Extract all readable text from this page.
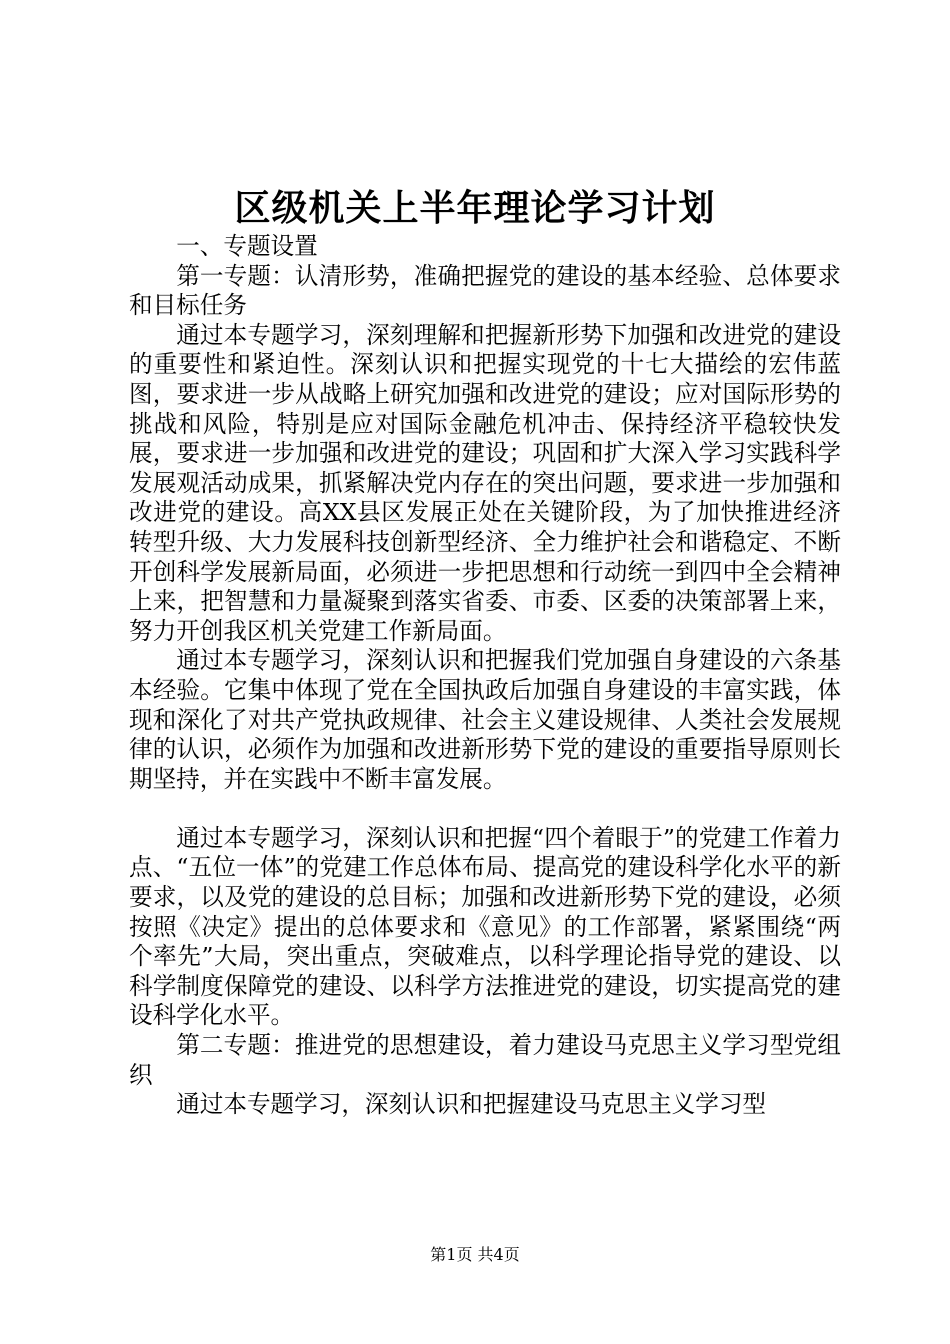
区级机关上半年理论学习计划

一、专题设置

第一专题：认清形势，准确把握党的建设的基本经验、总体要求和目标任务

通过本专题学习，深刻理解和把握新形势下加强和改进党的建设的重要性和紧迫性。深刻认识和把握实现党的十七大描绘的宏伟蓝图，要求进一步从战略上研究加强和改进党的建设；应对国际形势的挑战和风险，特别是应对国际金融危机冲击、保持经济平稳较快发展，要求进一步加强和改进党的建设；巩固和扩大深入学习实践科学发展观活动成果，抓紧解决党内存在的突出问题，要求进一步加强和改进党的建设。高XX县区发展正处在关键阶段，为了加快推进经济转型升级、大力发展科技创新型经济、全力维护社会和谐稳定、不断开创科学发展新局面，必须进一步把思想和行动统一到四中全会精神上来，把智慧和力量凝聚到落实省委、市委、区委的决策部署上来，努力开创我区机关党建工作新局面。

通过本专题学习，深刻认识和把握我们党加强自身建设的六条基本经验。它集中体现了党在全国执政后加强自身建设的丰富实践，体现和深化了对共产党执政规律、社会主义建设规律、人类社会发展规律的认识，必须作为加强和改进新形势下党的建设的重要指导原则长期坚持，并在实践中不断丰富发展。

通过本专题学习，深刻认识和把握“四个着眼于”的党建工作着力点、“五位一体”的党建工作总体布局、提高党的建设科学化水平的新要求，以及党的建设的总目标；加强和改进新形势下党的建设，必须按照《决定》提出的总体要求和《意见》的工作部署，紧紧围绕“两个率先”大局，突出重点，突破难点，以科学理论指导党的建设、以科学制度保障党的建设、以科学方法推进党的建设，切实提高党的建设科学化水平。

第二专题：推进党的思想建设，着力建设马克思主义学习型党组织

通过本专题学习，深刻认识和把握建设马克思主义学习型

第1页 共4页
